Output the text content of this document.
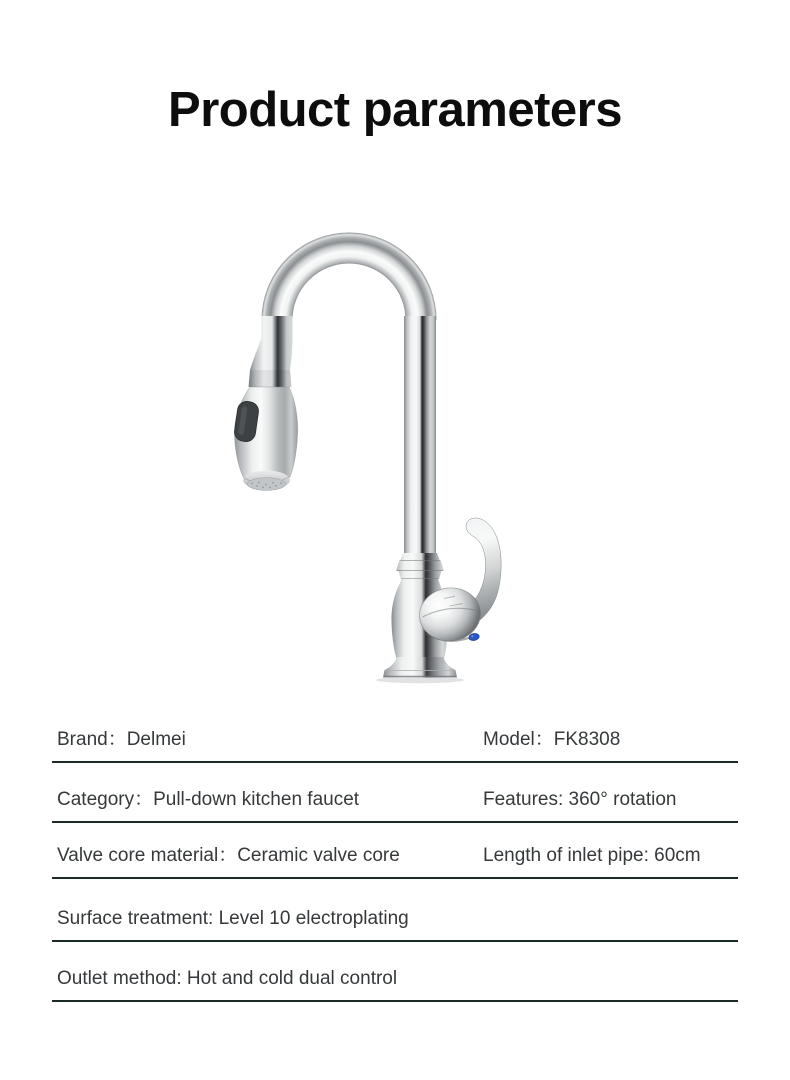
Product parameters
Brand：Delmei	Model：FK8308
Category：Pull-down kitchen faucet	Features: 360° rotation
Valve core material：Ceramic valve core	Length of inlet pipe: 60cm
Surface treatment: Level 10 electroplating
Outlet method: Hot and cold dual control
